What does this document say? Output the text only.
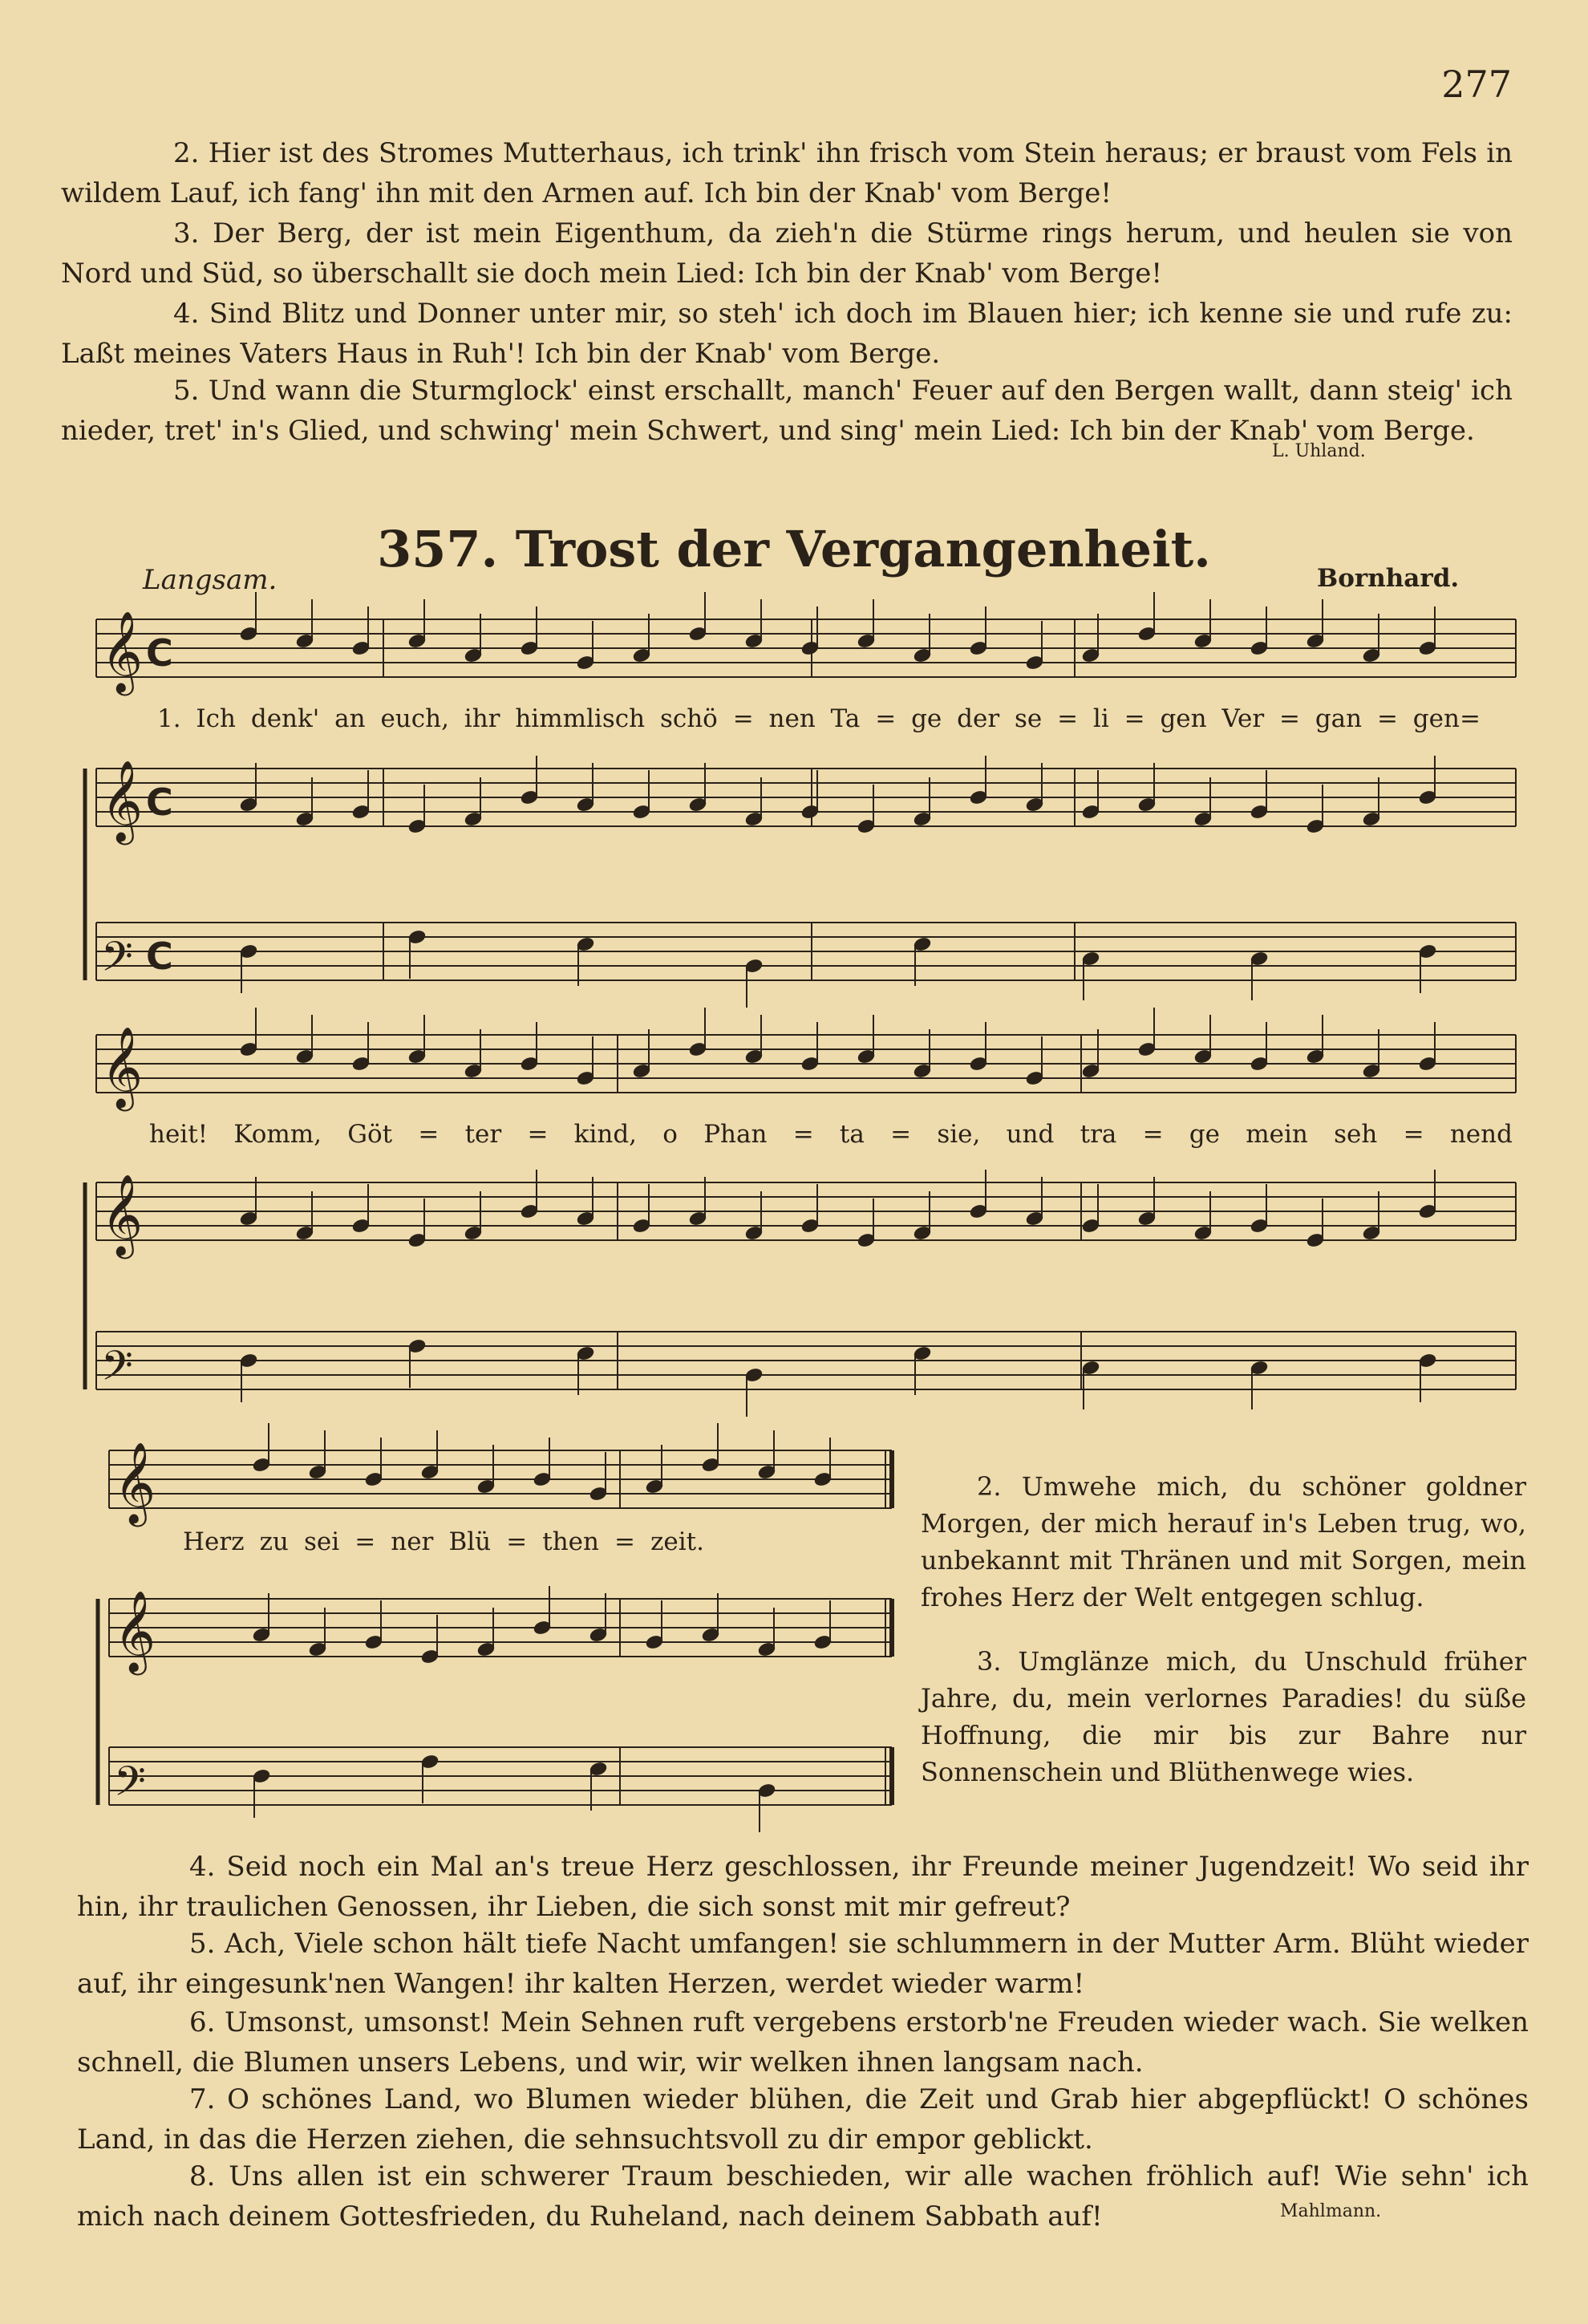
277
2. Hier ist des Stromes Mutterhaus, ich trink' ihn frisch vom Stein heraus; er braust vom Fels in wildem Lauf, ich fang' ihn mit den Armen auf. Ich bin der Knab' vom Berge!
3. Der Berg, der ist mein Eigenthum, da zieh'n die Stürme rings herum, und heulen sie von Nord und Süd, so überschallt sie doch mein Lied: Ich bin der Knab' vom Berge!
4. Sind Blitz und Donner unter mir, so steh' ich doch im Blauen hier; ich kenne sie und rufe zu: Laßt meines Vaters Haus in Ruh'! Ich bin der Knab' vom Berge.
5. Und wann die Sturmglock' einst erschallt, manch' Feuer auf den Bergen wallt, dann steig' ich nieder, tret' in's Glied, und schwing' mein Schwert, und sing' mein Lied: Ich bin der Knab' vom Berge.
L. Uhland.
357. Trost der Vergangenheit.
Langsam.	Bornhard.
𝄞 C
𝄞 C
𝄢 C
𝄞
𝄞
𝄢
𝄞
𝄞
𝄢
1. Ich denk' an euch, ihr himmlisch schö = nen Ta = ge der se = li = gen Ver = gan = gen=
heit! Komm, Göt = ter = kind, o Phan = ta = sie, und tra = ge mein seh = nend
Herz zu sei = ner Blü = then = zeit.
2. Umwehe mich, du schöner goldner Morgen, der mich herauf in's Leben trug, wo, unbekannt mit Thränen und mit Sorgen, mein frohes Herz der Welt entgegen schlug.
3. Umglänze mich, du Unschuld früher Jahre, du, mein verlornes Paradies! du süße Hoffnung, die mir bis zur Bahre nur Sonnenschein und Blüthenwege wies.
4. Seid noch ein Mal an's treue Herz geschlossen, ihr Freunde meiner Jugendzeit! Wo seid ihr hin, ihr traulichen Genossen, ihr Lieben, die sich sonst mit mir gefreut?
5. Ach, Viele schon hält tiefe Nacht umfangen! sie schlummern in der Mutter Arm. Blüht wieder auf, ihr eingesunk'nen Wangen! ihr kalten Herzen, werdet wieder warm!
6. Umsonst, umsonst! Mein Sehnen ruft vergebens erstorb'ne Freuden wieder wach. Sie welken schnell, die Blumen unsers Lebens, und wir, wir welken ihnen langsam nach.
7. O schönes Land, wo Blumen wieder blühen, die Zeit und Grab hier abgepflückt! O schönes Land, in das die Herzen ziehen, die sehnsuchtsvoll zu dir empor geblickt.
8. Uns allen ist ein schwerer Traum beschieden, wir alle wachen fröhlich auf! Wie sehn' ich mich nach deinem Gottesfrieden, du Ruheland, nach deinem Sabbath auf!	Mahlmann.
